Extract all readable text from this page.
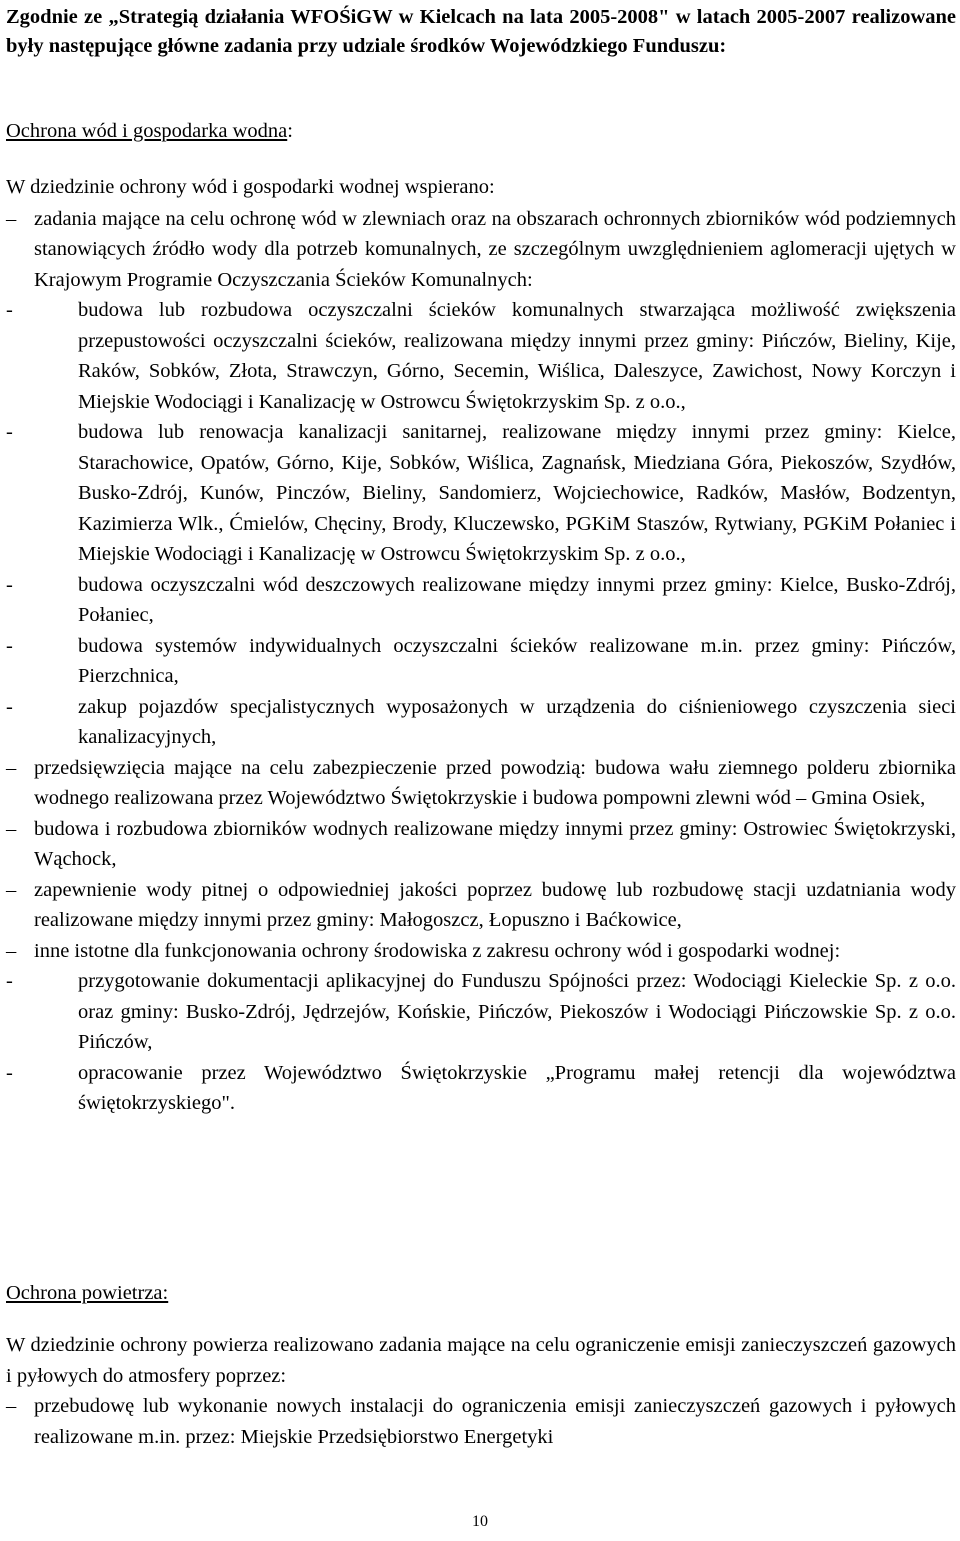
Zgodnie ze „Strategią działania WFOŚiGW w Kielcach na lata 2005-2008" w latach 2005-2007 realizowane były następujące główne zadania przy udziale środków Wojewódzkiego Funduszu:

Ochrona wód i gospodarka wodna:

W dziedzinie ochrony wód i gospodarki wodnej wspierano:

– zadania mające na celu ochronę wód w zlewniach oraz na obszarach ochronnych zbiorników wód podziemnych stanowiących źródło wody dla potrzeb komunalnych, ze szczególnym uwzględnieniem aglomeracji ujętych w Krajowym Programie Oczyszczania Ścieków Komunalnych:
-	budowa lub rozbudowa oczyszczalni ścieków komunalnych stwarzająca możliwość zwiększenia przepustowości oczyszczalni ścieków, realizowana między innymi przez gminy: Pińczów, Bieliny, Kije, Raków, Sobków, Złota, Strawczyn, Górno, Secemin, Wiślica, Daleszyce, Zawichost, Nowy Korczyn i Miejskie Wodociągi i Kanalizację w Ostrowcu Świętokrzyskim Sp. z o.o.,
-	budowa lub renowacja kanalizacji sanitarnej, realizowane między innymi przez gminy: Kielce, Starachowice, Opatów, Górno, Kije, Sobków, Wiślica, Zagnańsk, Miedziana Góra, Piekoszów, Szydłów, Busko-Zdrój, Kunów, Pinczów, Bieliny, Sandomierz, Wojciechowice, Radków, Masłów, Bodzentyn, Kazimierza Wlk., Ćmielów, Chęciny, Brody, Kluczewsko, PGKiM Staszów, Rytwiany, PGKiM Połaniec i Miejskie Wodociągi i Kanalizację w Ostrowcu Świętokrzyskim Sp. z o.o.,
-	budowa oczyszczalni wód deszczowych realizowane między innymi przez gminy: Kielce, Busko-Zdrój, Połaniec,
-	budowa systemów indywidualnych oczyszczalni ścieków realizowane m.in. przez gminy: Pińczów, Pierzchnica,
-	zakup pojazdów specjalistycznych wyposażonych w urządzenia do ciśnieniowego czyszczenia sieci kanalizacyjnych,
– przedsięwzięcia mające na celu zabezpieczenie przed powodzią: budowa wału ziemnego polderu zbiornika wodnego realizowana przez Województwo Świętokrzyskie i budowa pompowni zlewni wód – Gmina Osiek,
– budowa i rozbudowa zbiorników wodnych realizowane między innymi przez gminy: Ostrowiec Świętokrzyski, Wąchock,
– zapewnienie wody pitnej o odpowiedniej jakości poprzez budowę lub rozbudowę stacji uzdatniania wody realizowane między innymi przez gminy: Małogoszcz, Łopuszno i Baćkowice,
– inne istotne dla funkcjonowania ochrony środowiska z zakresu ochrony wód i gospodarki wodnej:
-	przygotowanie dokumentacji aplikacyjnej do Funduszu Spójności przez: Wodociągi Kieleckie Sp. z o.o. oraz gminy: Busko-Zdrój, Jędrzejów, Końskie, Pińczów, Piekoszów i Wodociągi Pińczowskie Sp. z o.o. Pińczów,
-	opracowanie przez Województwo Świętokrzyskie „Programu małej retencji dla województwa świętokrzyskiego".

Ochrona powietrza:

W dziedzinie ochrony powierza realizowano zadania mające na celu ograniczenie emisji zanieczyszczeń gazowych i pyłowych do atmosfery poprzez:

– przebudowę lub wykonanie nowych instalacji do ograniczenia emisji zanieczyszczeń gazowych i pyłowych realizowane m.in. przez: Miejskie Przedsiębiorstwo Energetyki
10
